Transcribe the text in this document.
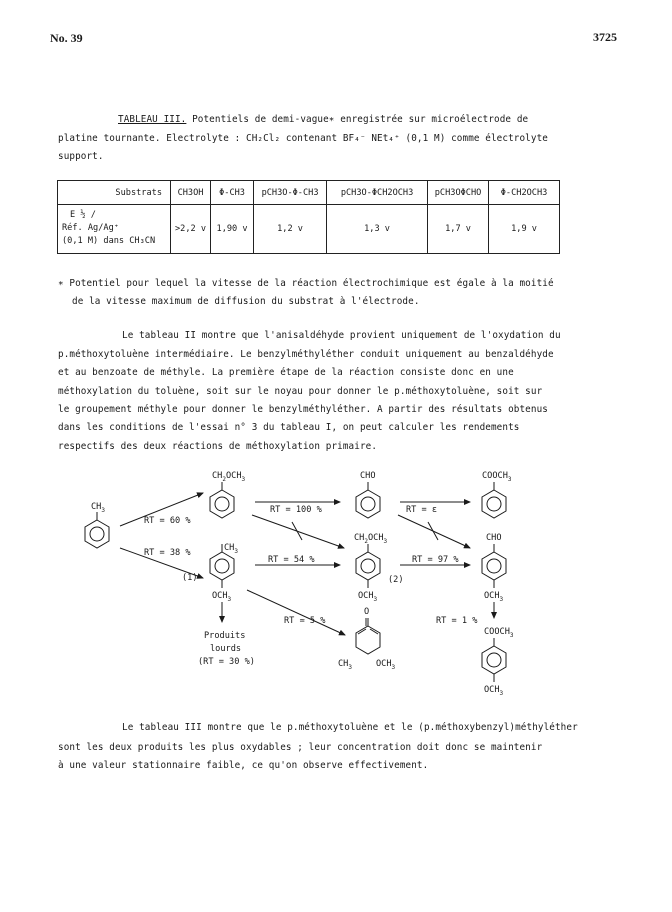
No. 39	3725
TABLEAU III. Potentiels de demi-vague∗ enregistrée sur microélectrode de
platine tournante. Electrolyte : CH₂Cl₂ contenant BF₄⁻ NEt₄⁺ (0,1 M) comme électrolyte
support.
Substrats	CH3OH	Φ-CH3	pCH3O-Φ-CH3	pCH3O-ΦCH2OCH3	pCH3OΦCHO	Φ-CH2OCH3

E ½ /
Réf. Ag/Ag⁺
(0,1 M) dans CH₃CN	>2,2 v	1,90 v	1,2 v	1,3 v	1,7 v	1,9 v
∗ Potentiel pour lequel la vitesse de la réaction électrochimique est égale à la moitié
de la vitesse maximum de diffusion du substrat à l'électrode.
Le tableau II montre que l'anisaldéhyde provient uniquement de l'oxydation du
p.méthoxytoluène intermédiaire. Le benzylméthyléther conduit uniquement au benzaldéhyde
et au benzoate de méthyle. La première étape de la réaction consiste donc en une
méthoxylation du toluène, soit sur le noyau pour donner le p.méthoxytoluène, soit sur
le groupement méthyle pour donner le benzylméthyléther. A partir des résultats obtenus
dans les conditions de l'essai n° 3 du tableau I, on peut calculer les rendements
respectifs des deux réactions de méthoxylation primaire.
$CH_3$
$CH_2OCH_3$	CHO	$COOCH_3$
RT = 60 %
RT = 38 %
(1)
RT = 100 %	RT = ε
RT = 54 %	RT = 97 %
(2)
$CH_3$
$OCH_3$
$CH_2OCH_3$
$OCH_3$
CHO
$OCH_3$
RT ≃ 5 %	RT = 1 %
O
$CH_3$	$OCH_3$
$COOCH_3$
$OCH_3$
Produits
lourds
(RT = 30 %)
Le tableau III montre que le p.méthoxytoluène et le (p.méthoxybenzyl)méthyléther
sont les deux produits les plus oxydables ; leur concentration doit donc se maintenir
à une valeur stationnaire faible, ce qu'on observe effectivement.
